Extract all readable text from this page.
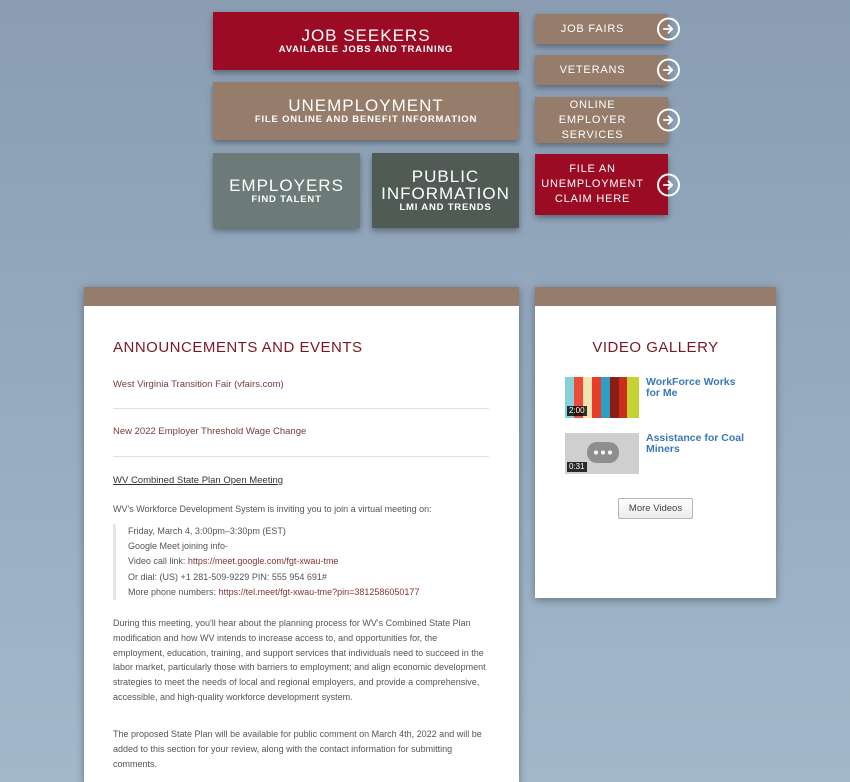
JOB SEEKERS
AVAILABLE JOBS AND TRAINING
UNEMPLOYMENT
FILE ONLINE AND BENEFIT INFORMATION
EMPLOYERS
FIND TALENT
PUBLIC
INFORMATION
LMI AND TRENDS
JOB FAIRS
VETERANS
ONLINE EMPLOYER
SERVICES
FILE AN
UNEMPLOYMENT
CLAIM HERE
ANNOUNCEMENTS AND EVENTS
West Virginia Transition Fair (vfairs.com)
New 2022 Employer Threshold Wage Change
WV Combined State Plan Open Meeting
WV's Workforce Development System is inviting you to join a virtual meeting on:
Friday, March 4, 3:00pm–3:30pm (EST)
Google Meet joining info-
Video call link: https://meet.google.com/fgt-xwau-tme
Or dial: (US) +1 281-509-9229 PIN: 555 954 691#
More phone numbers: https://tel.meet/fgt-xwau-tme?pin=3812586050177
During this meeting, you'll hear about the planning process for WV's Combined State Plan modification and how WV intends to increase access to, and opportunities for, the employment, education, training, and support services that individuals need to succeed in the labor market, particularly those with barriers to employment; and align economic development strategies to meet the needs of local and regional employers, and provide a comprehensive, accessible, and high-quality workforce development system.
The proposed State Plan will be available for public comment on March 4th, 2022 and will be added to this section for your review, along with the contact information for submitting comments.
VIDEO GALLERY
2:00
WorkForce Works for Me
0:31
Assistance for Coal Miners
More Videos
